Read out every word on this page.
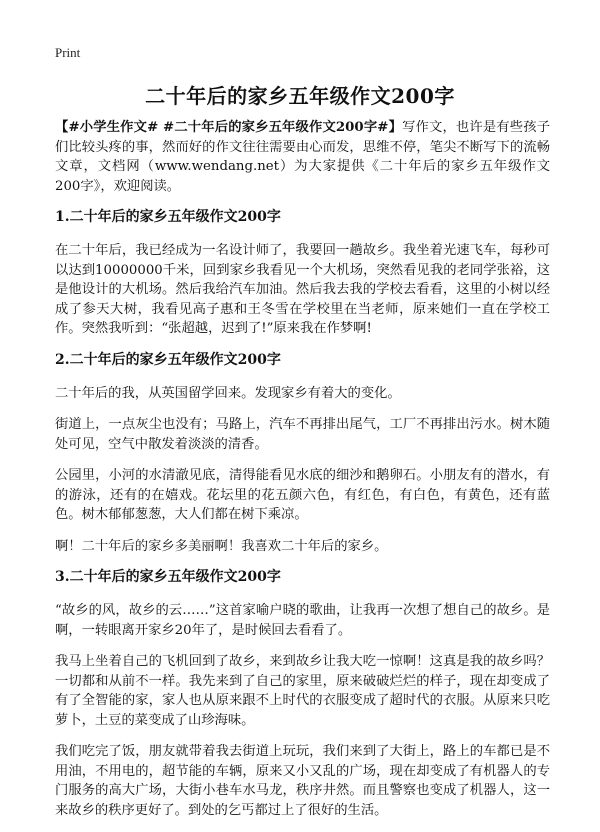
Print
二十年后的家乡五年级作文200字

【#小学生作文# #二十年后的家乡五年级作文200字#】写作文，也许是有些孩子们比较头疼的事，然而好的作文往往需要由心而发，思维不停，笔尖不断写下的流畅文章，文档网（www.wendang.net）为大家提供《二十年后的家乡五年级作文200字》，欢迎阅读。

1.二十年后的家乡五年级作文200字

在二十年后，我已经成为一名设计师了，我要回一趟故乡。我坐着光速飞车，每秒可以达到10000000千米，回到家乡我看见一个大机场，突然看见我的老同学张裕，这是他设计的大机场。然后我给汽车加油。然后我去我的学校去看看，这里的小树以经成了参天大树，我看见高子惠和王冬雪在学校里在当老师，原来她们一直在学校工作。突然我听到：“张超越，迟到了!”原来我在作梦啊!

2.二十年后的家乡五年级作文200字

二十年后的我，从英国留学回来。发现家乡有着大的变化。

街道上，一点灰尘也没有；马路上，汽车不再排出尾气，工厂不再排出污水。树木随处可见，空气中散发着淡淡的清香。

公园里，小河的水清澈见底，清得能看见水底的细沙和鹅卵石。小朋友有的潜水，有的游泳，还有的在嬉戏。花坛里的花五颜六色，有红色，有白色，有黄色，还有蓝色。树木郁郁葱葱，大人们都在树下乘凉。

啊！二十年后的家乡多美丽啊！我喜欢二十年后的家乡。

3.二十年后的家乡五年级作文200字

“故乡的风，故乡的云……”这首家喻户晓的歌曲，让我再一次想了想自己的故乡。是啊，一转眼离开家乡20年了，是时候回去看看了。

我马上坐着自己的飞机回到了故乡，来到故乡让我大吃一惊啊！这真是我的故乡吗？一切都和从前不一样。我先来到了自己的家里，原来破破烂烂的样子，现在却变成了有了全智能的家，家人也从原来跟不上时代的衣服变成了超时代的衣服。从原来只吃萝卜，土豆的菜变成了山珍海味。

我们吃完了饭，朋友就带着我去街道上玩玩，我们来到了大街上，路上的车都已是不用油，不用电的，超节能的车辆，原来又小又乱的广场，现在却变成了有机器人的专门服务的高大广场，大街小巷车水马龙，秩序井然。而且警察也变成了机器人，这一来故乡的秩序更好了。到处的乞丐都过上了很好的生活。
